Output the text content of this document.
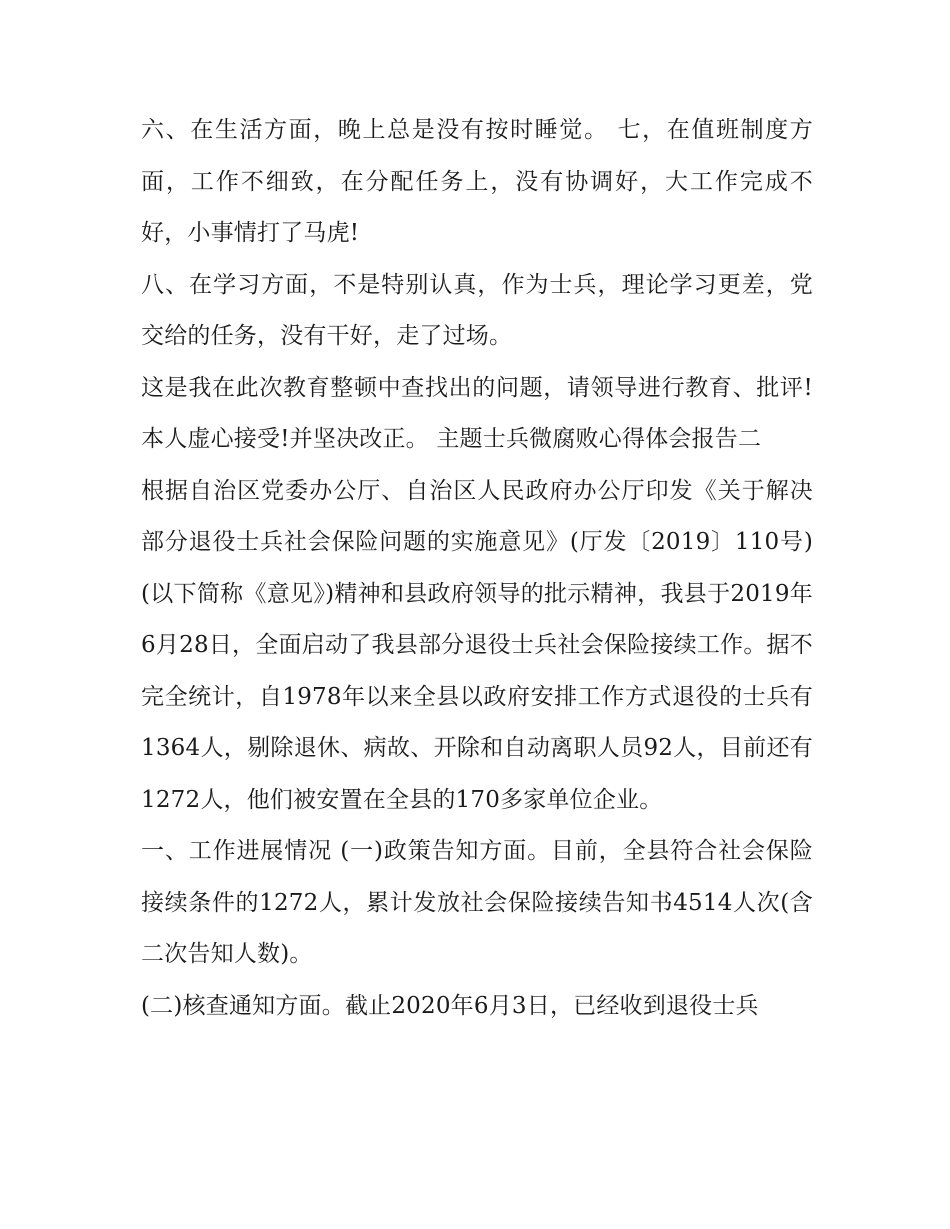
六、在生活方面，晚上总是没有按时睡觉。 七，在值班制度方面，工作不细致，在分配任务上，没有协调好，大工作完成不好，小事情打了马虎!

八、在学习方面，不是特别认真，作为士兵，理论学习更差，党交给的任务，没有干好，走了过场。

这是我在此次教育整顿中查找出的问题，请领导进行教育、批评!本人虚心接受!并坚决改正。 主题士兵微腐败心得体会报告二

根据自治区党委办公厅、自治区人民政府办公厅印发《关于解决部分退役士兵社会保险问题的实施意见》(厅发〔2019〕110号)(以下简称《意见》)精神和县政府领导的批示精神，我县于2019年6月28日，全面启动了我县部分退役士兵社会保险接续工作。据不完全统计，自1978年以来全县以政府安排工作方式退役的士兵有1364人，剔除退休、病故、开除和自动离职人员92人，目前还有1272人，他们被安置在全县的170多家单位企业。

一、工作进展情况 (一)政策告知方面。目前，全县符合社会保险接续条件的1272人，累计发放社会保险接续告知书4514人次(含二次告知人数)。

(二)核查通知方面。截止2020年6月3日，已经收到退役士兵
